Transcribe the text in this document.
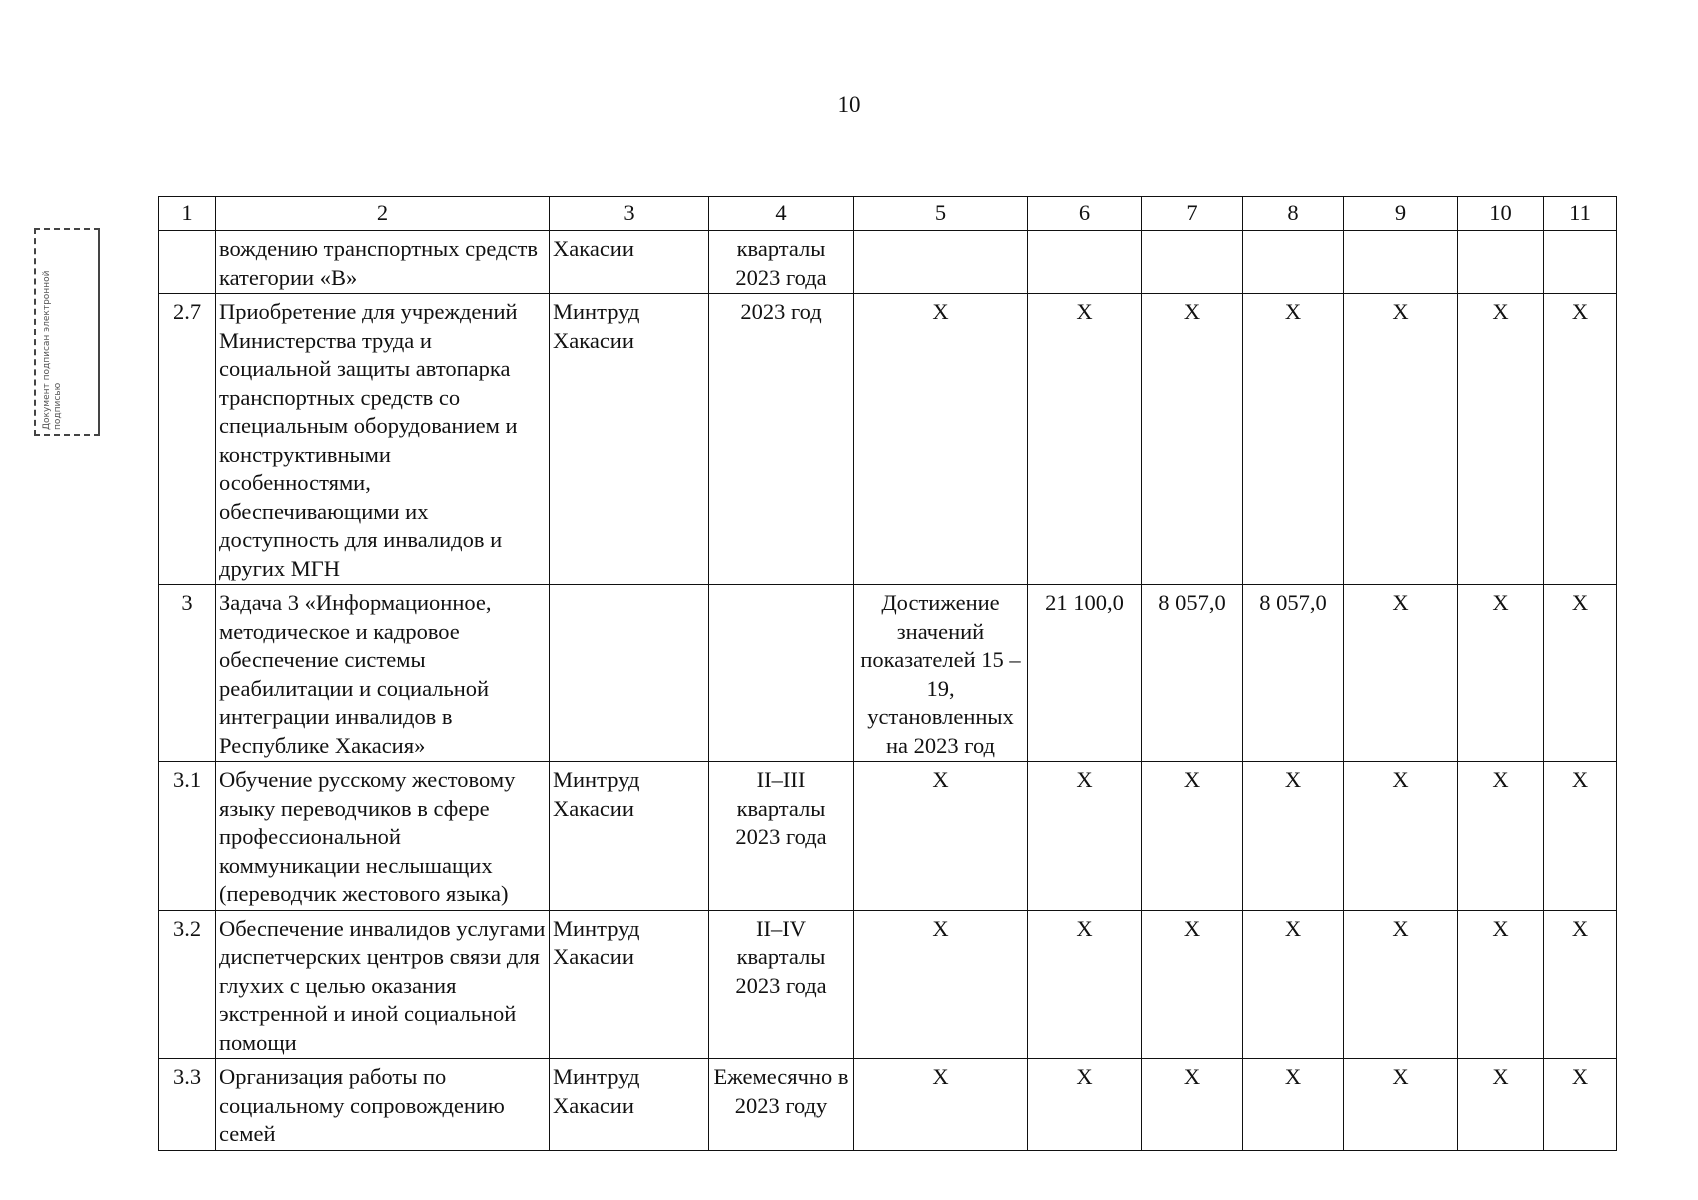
10
Документ подписан электронной подписью
1	2	3	4	5	6	7	8	9	10	11
	вождению транспортных средств категории «В»	Хакасии	кварталы 2023 года							
2.7	Приобретение для учреждений Министерства труда и социальной защиты автопарка транспортных средств со специальным оборудованием и конструктивными особенностями, обеспечивающими их доступность для инвалидов и других МГН	Минтруд Хакасии	2023 год	X	X	X	X	X	X	X
3	Задача 3 «Информационное, методическое и кадровое обеспечение системы реабилитации и социальной интеграции инвалидов в Республике Хакасия»			Достижение значений показателей 15 –19, установленных на 2023 год	21 100,0	8 057,0	8 057,0	X	X	X
3.1	Обучение русскому жестовому языку переводчиков в сфере профессиональной коммуникации неслышащих (переводчик жестового языка)	Минтруд Хакасии	II–III кварталы 2023 года	X	X	X	X	X	X	X
3.2	Обеспечение инвалидов услугами диспетчерских центров связи для глухих с целью оказания экстренной и иной социальной помощи	Минтруд Хакасии	II–IV кварталы 2023 года	X	X	X	X	X	X	X
3.3	Организация работы по социальному сопровождению семей	Минтруд Хакасии	Ежемесячно в 2023 году	X	X	X	X	X	X	X
